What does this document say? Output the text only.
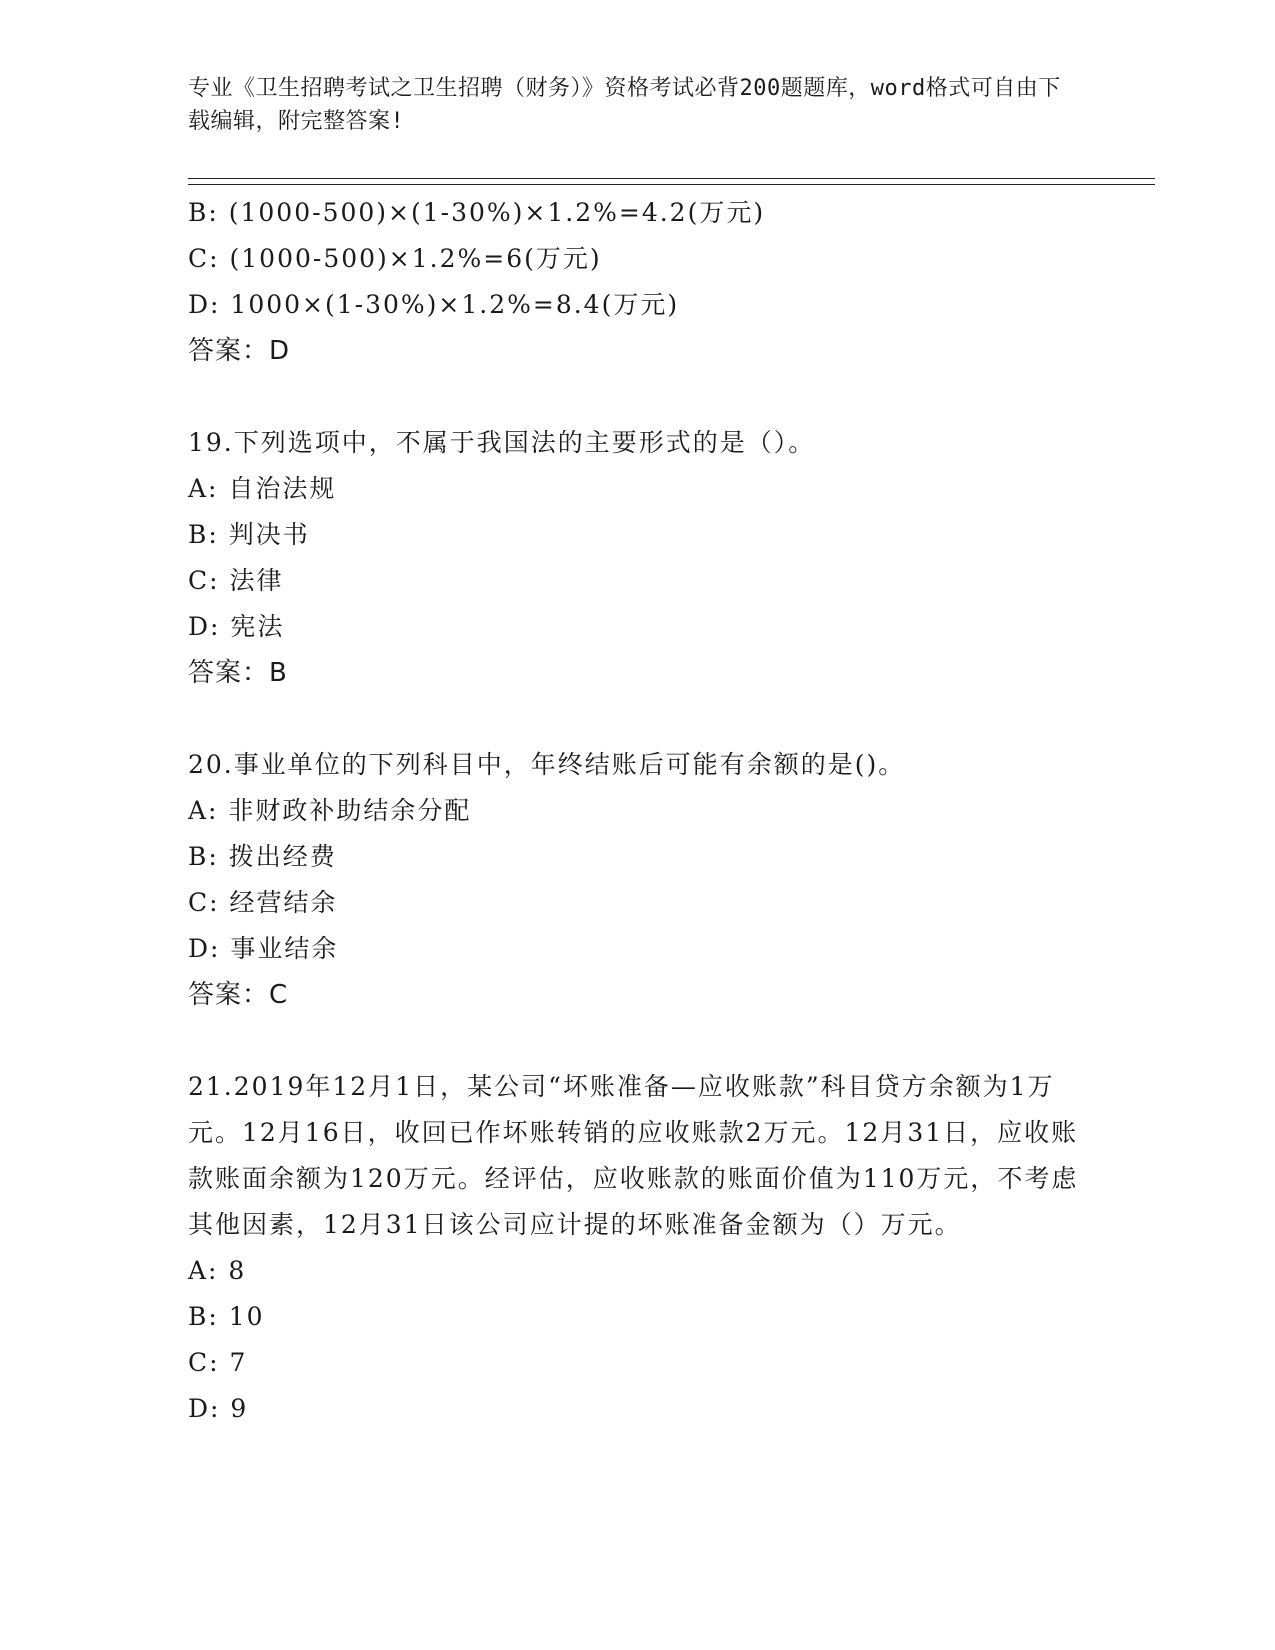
专业《卫生招聘考试之卫生招聘（财务）》资格考试必背200题题库，word格式可自由下载编辑，附完整答案!
B: (1000-500)×(1-30%)×1.2%=4.2(万元)
C: (1000-500)×1.2%=6(万元)
D: 1000×(1-30%)×1.2%=8.4(万元)
答案：D
19.下列选项中，不属于我国法的主要形式的是（）。
A: 自治法规
B: 判决书
C: 法律
D: 宪法
答案：B
20.事业单位的下列科目中，年终结账后可能有余额的是()。
A: 非财政补助结余分配
B: 拨出经费
C: 经营结余
D: 事业结余
答案：C
21.2019年12月1日，某公司“坏账准备—应收账款”科目贷方余额为1万元。12月16日，收回已作坏账转销的应收账款2万元。12月31日，应收账款账面余额为120万元。经评估，应收账款的账面价值为110万元，不考虑其他因素，12月31日该公司应计提的坏账准备金额为（）万元。
A: 8
B: 10
C: 7
D: 9
